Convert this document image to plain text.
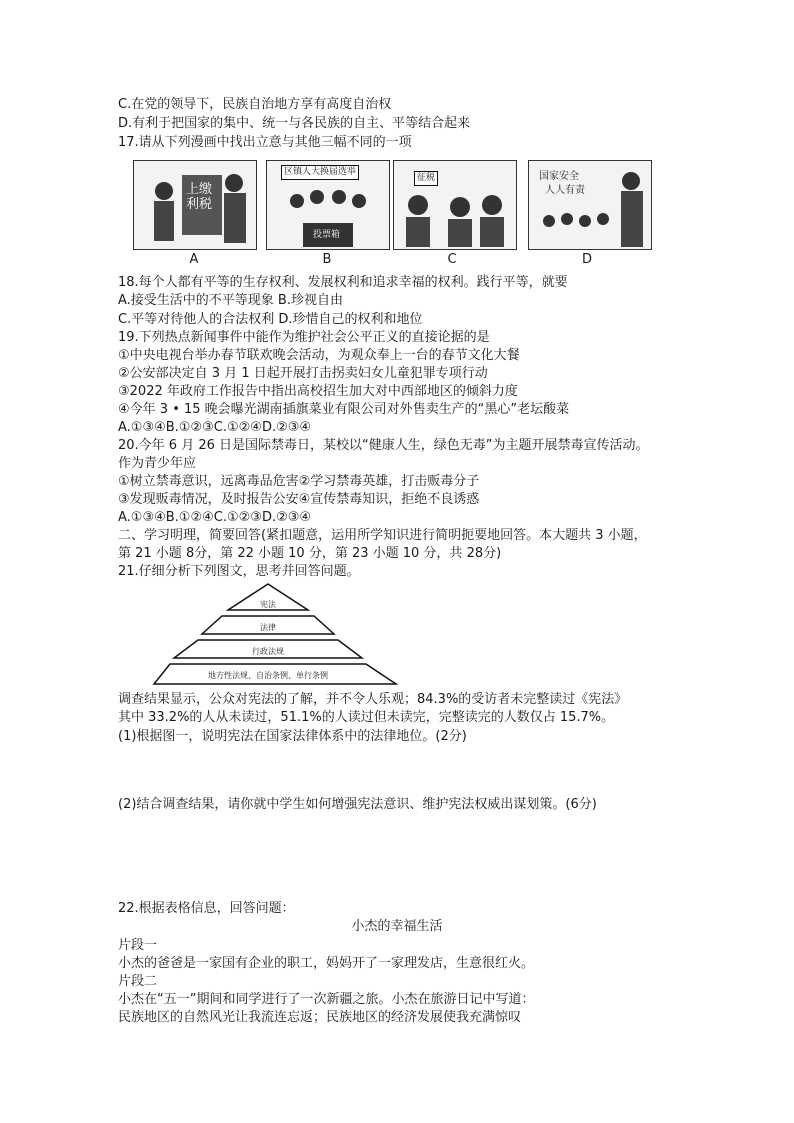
C.在党的领导下，民族自治地方享有高度自治权
D.有利于把国家的集中、统一与各民族的自主、平等结合起来
17.请从下列漫画中找出立意与其他三幅不同的一项
上缴利税
A
区镇人大换届选举
投票箱
B
征税
C
国家安全
人人有责
D
18.每个人都有平等的生存权利、发展权利和追求幸福的权利。践行平等，就要
A.接受生活中的不平等现象 B.珍视自由
C.平等对待他人的合法权利 D.珍惜自己的权利和地位
19.下列热点新闻事件中能作为维护社会公平正义的直接论据的是
①中央电视台举办春节联欢晚会活动，为观众奉上一台的春节文化大餐
②公安部决定自 3 月 1 日起开展打击拐卖妇女儿童犯罪专项行动
③2022 年政府工作报告中指出高校招生加大对中西部地区的倾斜力度
④今年 3 • 15 晚会曝光湖南插旗菜业有限公司对外售卖生产的“黑心”老坛酸菜
A.①③④B.①②③C.①②④D.②③④
20.今年 6 月 26 日是国际禁毒日，某校以“健康人生，绿色无毒”为主题开展禁毒宣传活动。
作为青少年应
①树立禁毒意识，远离毒品危害②学习禁毒英雄，打击贩毒分子
③发现贩毒情况，及时报告公安④宣传禁毒知识，拒绝不良诱惑
A.①③④B.①②④C.①②③D.②③④
二、学习明理，简要回答(紧扣题意，运用所学知识进行简明扼要地回答。本大题共 3 小题，
第 21 小题 8分，第 22 小题 10 分，第 23 小题 10 分，共 28分)
21.仔细分析下列图文，思考并回答问题。
宪法
法律
行政法规
地方性法规、自治条例、单行条例
调查结果显示，公众对宪法的了解，并不令人乐观；84.3%的受访者未完整读过《宪法》
其中 33.2%的人从未读过，51.1%的人读过但未读完，完整读完的人数仅占 15.7%。
(1)根据图一，说明宪法在国家法律体系中的法律地位。(2分)
(2)结合调查结果，请你就中学生如何增强宪法意识、维护宪法权威出谋划策。(6分)
22.根据表格信息，回答问题：
小杰的幸福生活
片段一
小杰的爸爸是一家国有企业的职工，妈妈开了一家理发店，生意很红火。
片段二
小杰在“五一”期间和同学进行了一次新疆之旅。小杰在旅游日记中写道：
民族地区的自然风光让我流连忘返；民族地区的经济发展使我充满惊叹
